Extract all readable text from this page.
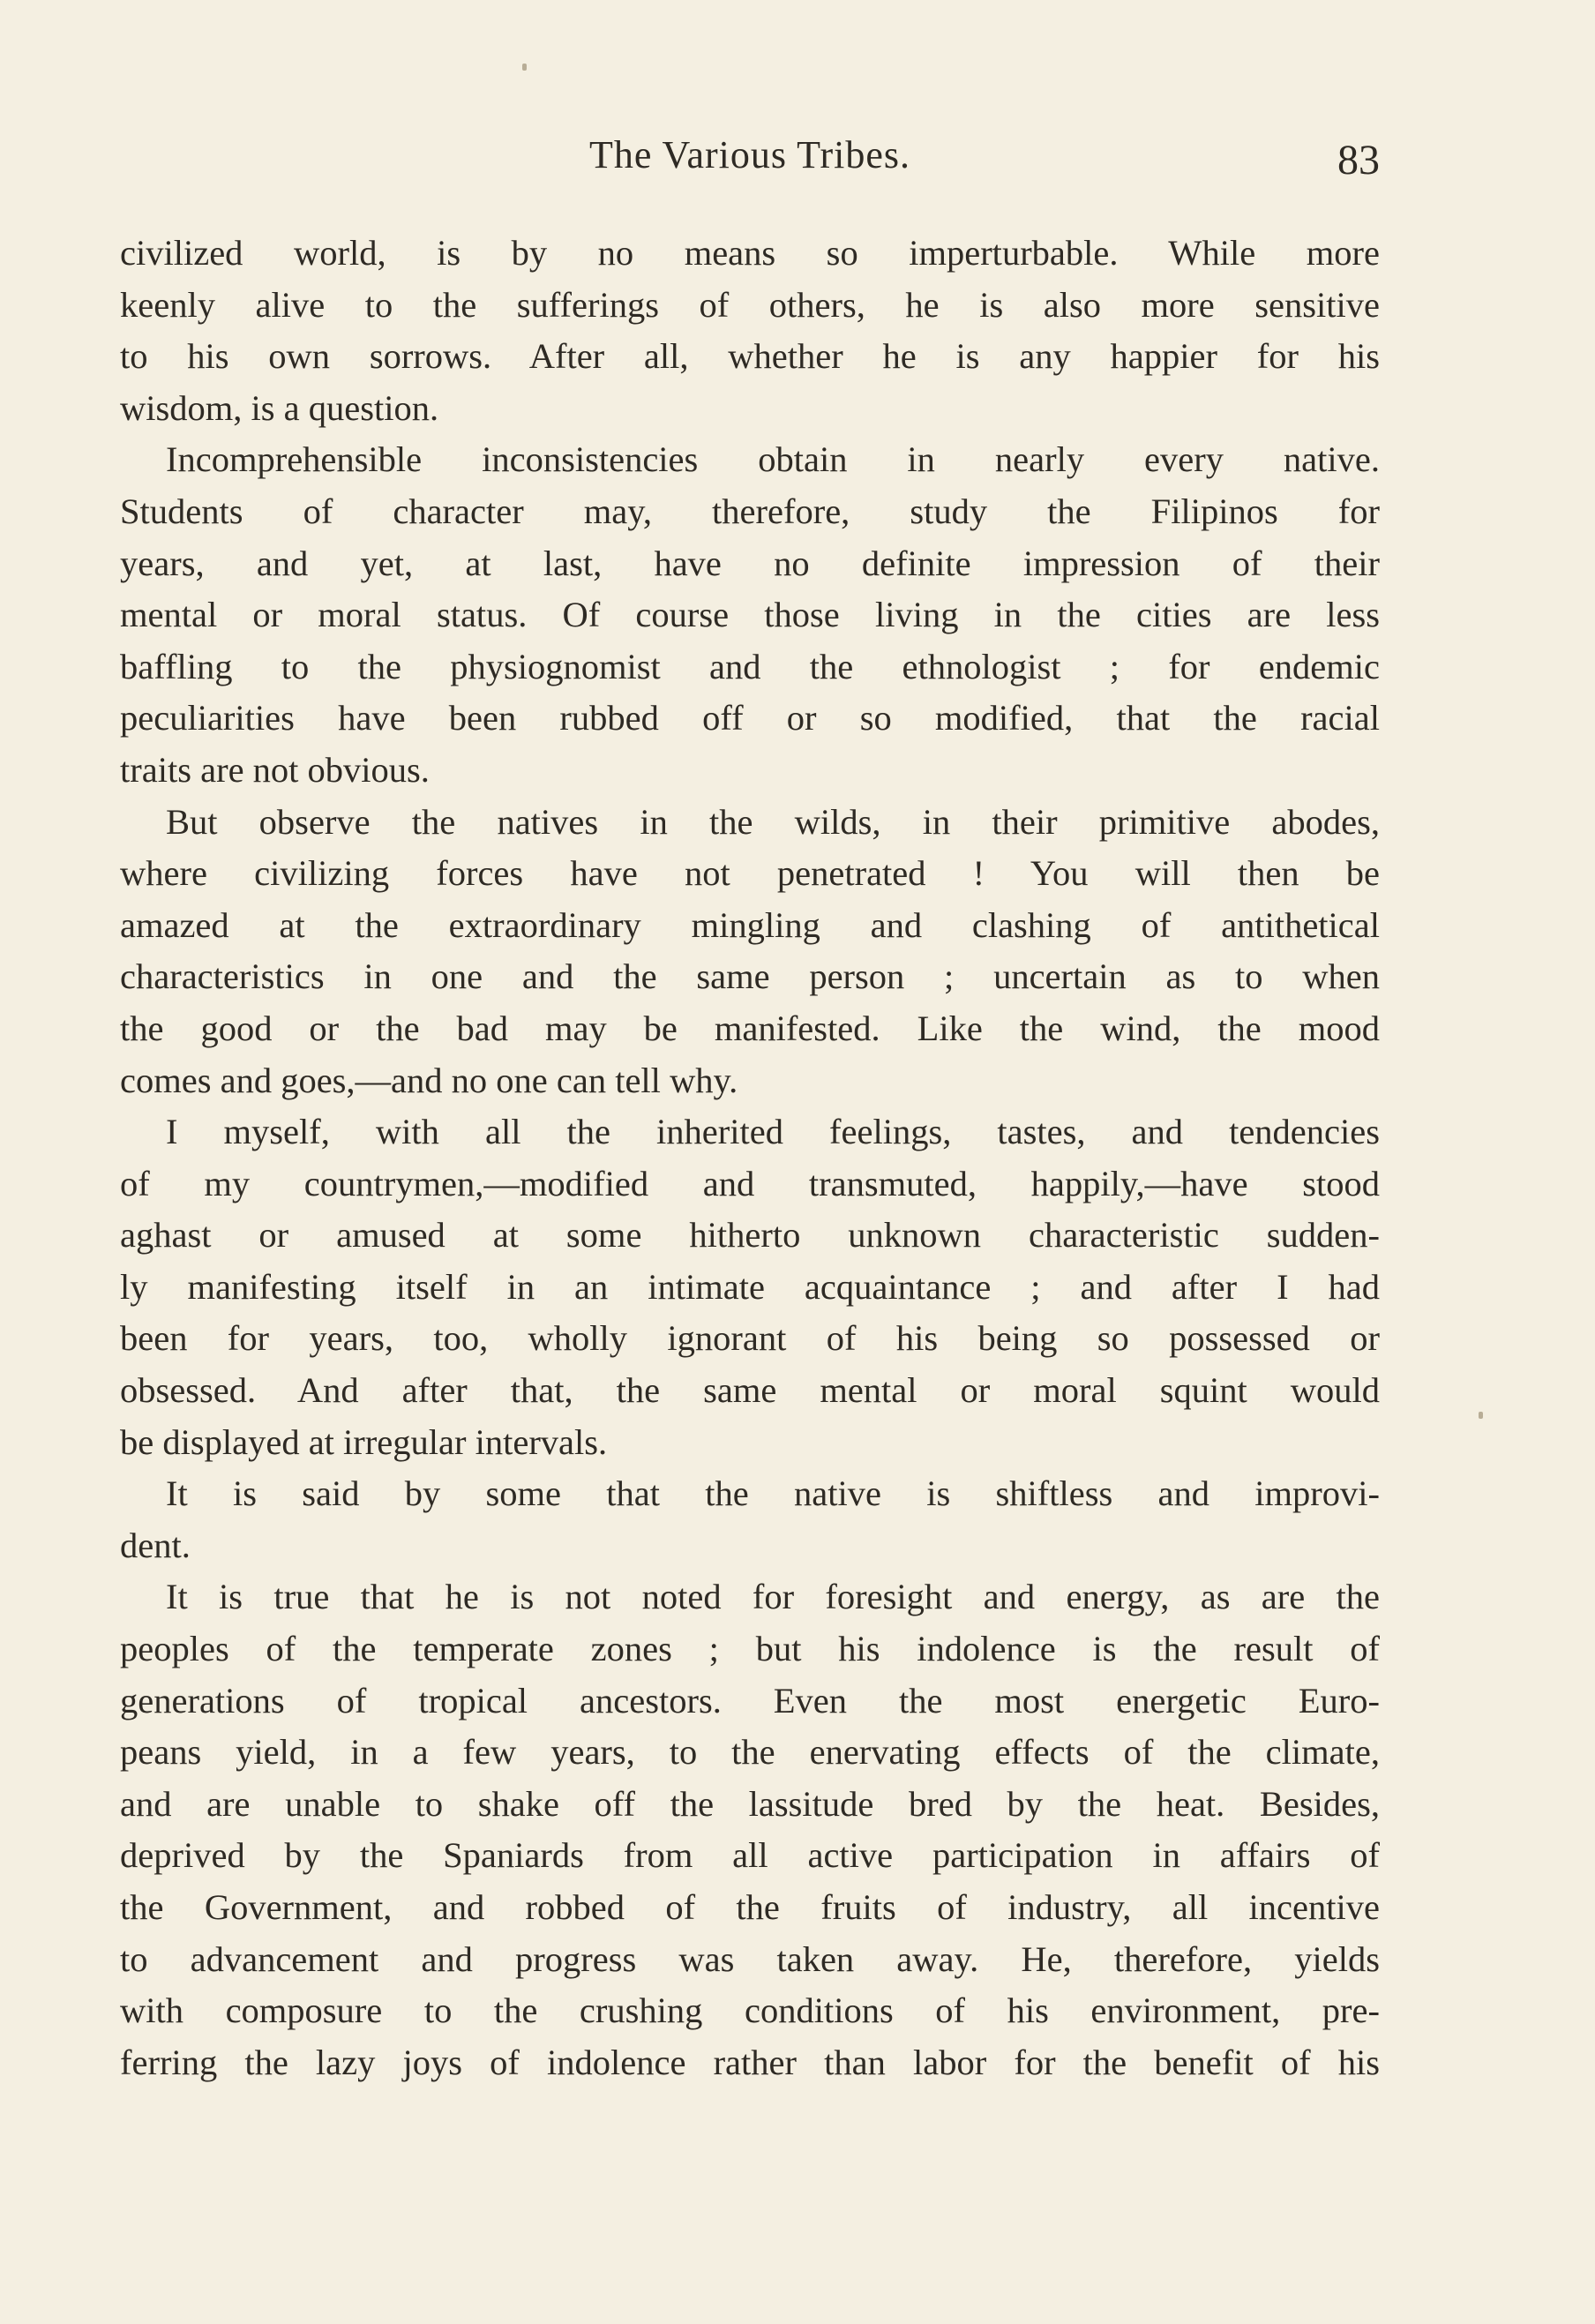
The Various Tribes.	83
civilized world, is by no means so imperturbable. While more
keenly alive to the sufferings of others, he is also more sensitive
to his own sorrows. After all, whether he is any happier for his
wisdom, is a question.
Incomprehensible inconsistencies obtain in nearly every native.
Students of character may, therefore, study the Filipinos for
years, and yet, at last, have no definite impression of their
mental or moral status. Of course those living in the cities are less
baffling to the physiognomist and the ethnologist ; for endemic
peculiarities have been rubbed off or so modified, that the racial
traits are not obvious.
But observe the natives in the wilds, in their primitive abodes,
where civilizing forces have not penetrated ! You will then be
amazed at the extraordinary mingling and clashing of antithetical
characteristics in one and the same person ; uncertain as to when
the good or the bad may be manifested. Like the wind, the mood
comes and goes,—and no one can tell why.
I myself, with all the inherited feelings, tastes, and tendencies
of my countrymen,—modified and transmuted, happily,—have stood
aghast or amused at some hitherto unknown characteristic sudden-
ly manifesting itself in an intimate acquaintance ; and after I had
been for years, too, wholly ignorant of his being so possessed or
obsessed. And after that, the same mental or moral squint would
be displayed at irregular intervals.
It is said by some that the native is shiftless and improvi-
dent.
It is true that he is not noted for foresight and energy, as are the
peoples of the temperate zones ; but his indolence is the result of
generations of tropical ancestors. Even the most energetic Euro-
peans yield, in a few years, to the enervating effects of the climate,
and are unable to shake off the lassitude bred by the heat. Besides,
deprived by the Spaniards from all active participation in affairs of
the Government, and robbed of the fruits of industry, all incentive
to advancement and progress was taken away. He, therefore, yields
with composure to the crushing conditions of his environment, pre-
ferring the lazy joys of indolence rather than labor for the benefit of his
